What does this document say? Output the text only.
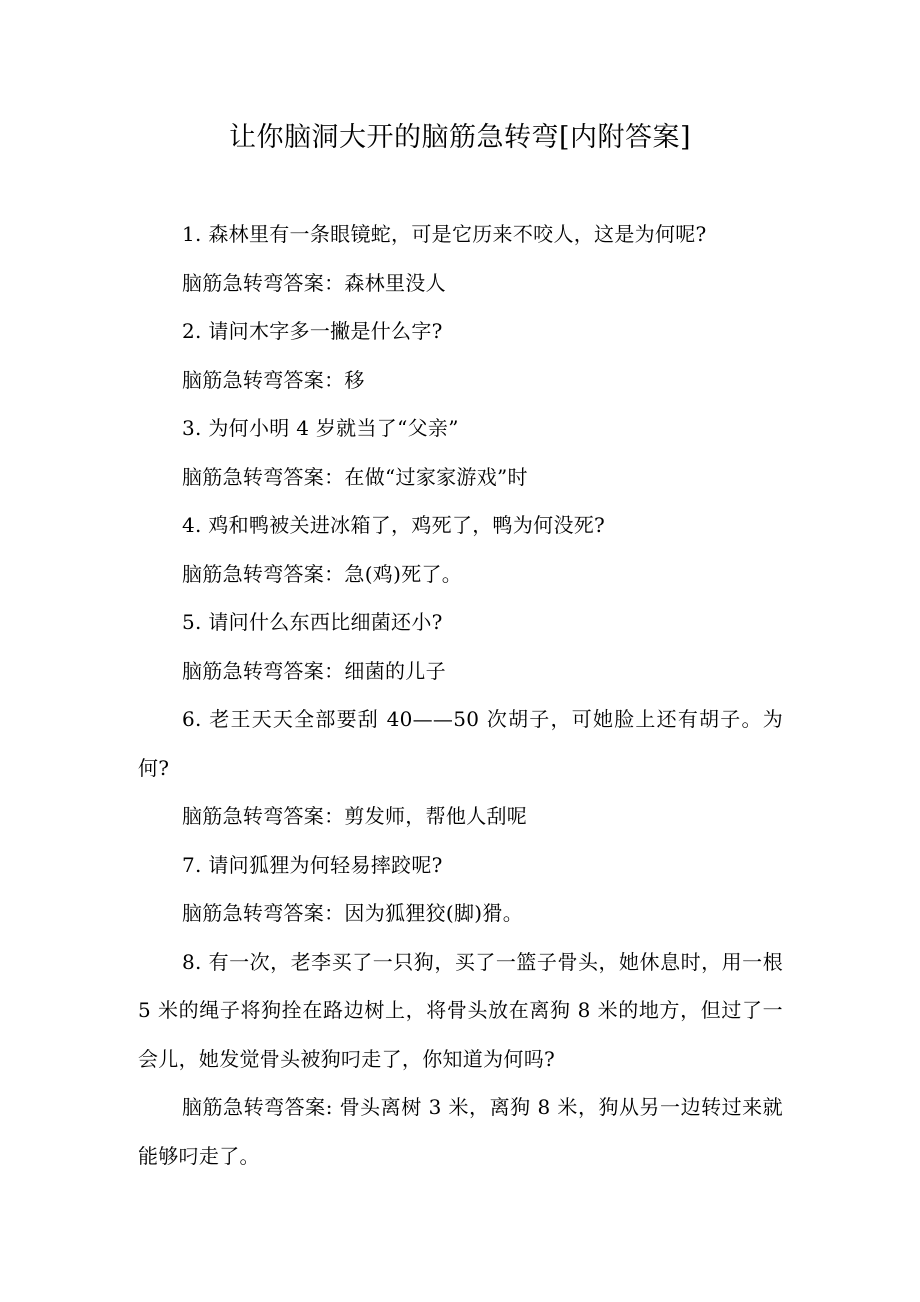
让你脑洞大开的脑筋急转弯[内附答案]

1. 森林里有一条眼镜蛇，可是它历来不咬人，这是为何呢?

脑筋急转弯答案：森林里没人

2. 请问木字多一撇是什么字?

脑筋急转弯答案：移

3. 为何小明 4 岁就当了“父亲”

脑筋急转弯答案：在做“过家家游戏”时

4. 鸡和鸭被关进冰箱了，鸡死了，鸭为何没死?

脑筋急转弯答案：急(鸡)死了。

5. 请问什么东西比细菌还小?

脑筋急转弯答案：细菌的儿子

6. 老王天天全部要刮 40——50 次胡子，可她脸上还有胡子。为何?

脑筋急转弯答案：剪发师，帮他人刮呢

7. 请问狐狸为何轻易摔跤呢?

脑筋急转弯答案：因为狐狸狡(脚)猾。

8. 有一次，老李买了一只狗，买了一篮子骨头，她休息时，用一根 5 米的绳子将狗拴在路边树上，将骨头放在离狗 8 米的地方，但过了一会儿，她发觉骨头被狗叼走了，你知道为何吗?

脑筋急转弯答案: 骨头离树 3 米，离狗 8 米，狗从另一边转过来就能够叼走了。
